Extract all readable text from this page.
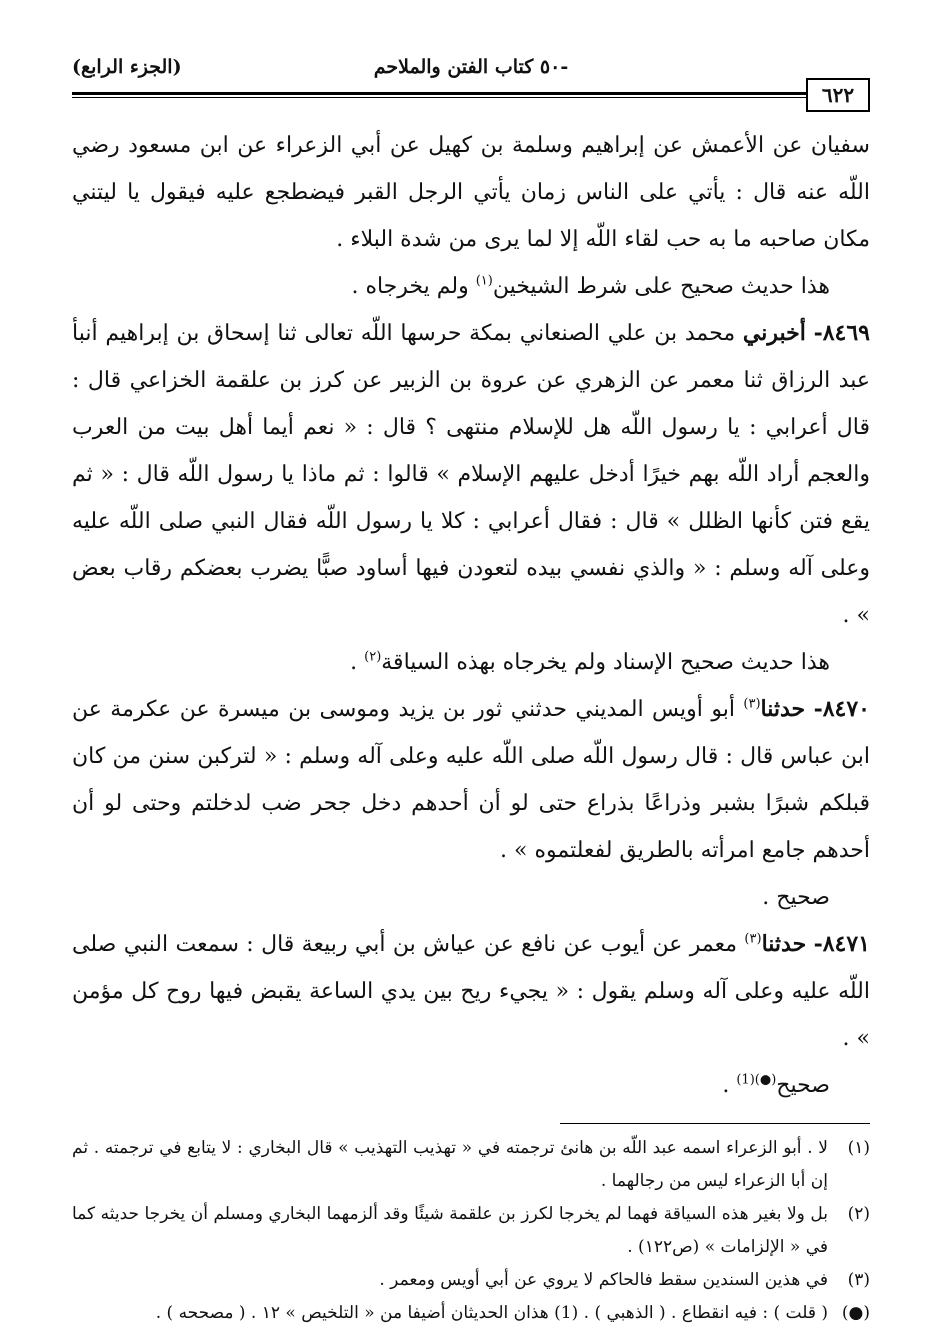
-٥٠ كتاب الفتن والملاحم
(الجزء الرابع)
٦٢٢

سفيان عن الأعمش عن إبراهيم وسلمة بن كهيل عن أبي الزعراء عن ابن مسعود رضي اللّه عنه قال : يأتي على الناس زمان يأتي الرجل القبر فيضطجع عليه فيقول يا ليتني مكان صاحبه ما به حب لقاء اللّه إلا لما يرى من شدة البلاء .

هذا حديث صحيح على شرط الشيخين$^{(١)}$ ولم يخرجاه .

٨٤٦٩- أخبرني محمد بن علي الصنعاني بمكة حرسها اللّه تعالى ثنا إسحاق بن إبراهيم أنبأ عبد الرزاق ثنا معمر عن الزهري عن عروة بن الزبير عن كرز بن علقمة الخزاعي قال : قال أعرابي : يا رسول اللّه هل للإسلام منتهى ؟ قال : « نعم أيما أهل بيت من العرب والعجم أراد اللّه بهم خيرًا أدخل عليهم الإسلام » قالوا : ثم ماذا يا رسول اللّه قال : « ثم يقع فتن كأنها الظلل » قال : فقال أعرابي : كلا يا رسول اللّه فقال النبي صلى اللّه عليه وعلى آله وسلم : « والذي نفسي بيده لتعودن فيها أساود صبًّا يضرب بعضكم رقاب بعض » .

هذا حديث صحيح الإسناد ولم يخرجاه بهذه السياقة$^{(٢)}$ .

٨٤٧٠- حدثنا$^{(٣)}$ أبو أويس المديني حدثني ثور بن يزيد وموسى بن ميسرة عن عكرمة عن ابن عباس قال : قال رسول اللّه صلى اللّه عليه وعلى آله وسلم : « لتركبن سنن من كان قبلكم شبرًا بشبر وذراعًا بذراع حتى لو أن أحدهم دخل جحر ضب لدخلتم وحتى لو أن أحدهم جامع امرأته بالطريق لفعلتموه » .

صحيح .

٨٤٧١- حدثنا$^{(٣)}$ معمر عن أيوب عن نافع عن عياش بن أبي ربيعة قال : سمعت النبي صلى اللّه عليه وعلى آله وسلم يقول : « يجيء ريح بين يدي الساعة يقبض فيها روح كل مؤمن » .

صحيح$^{(●)(1)}$ .

(١)
لا . أبو الزعراء اسمه عبد اللّه بن هانئ ترجمته في « تهذيب التهذيب » قال البخاري : لا يتابع في ترجمته . ثم إن أبا الزعراء ليس من رجالهما .
(٢)
بل ولا بغير هذه السياقة فهما لم يخرجا لكرز بن علقمة شيئًا وقد ألزمهما البخاري ومسلم أن يخرجا حديثه كما في « الإلزامات » (ص١٢٢) .
(٣)
في هذين السندين سقط فالحاكم لا يروي عن أبي أويس ومعمر .
(●)
( قلت ) : فيه انقطاع . ( الذهبي ) . (1) هذان الحديثان أضيفا من « التلخيص » ١٢ . ( مصححه ) .
